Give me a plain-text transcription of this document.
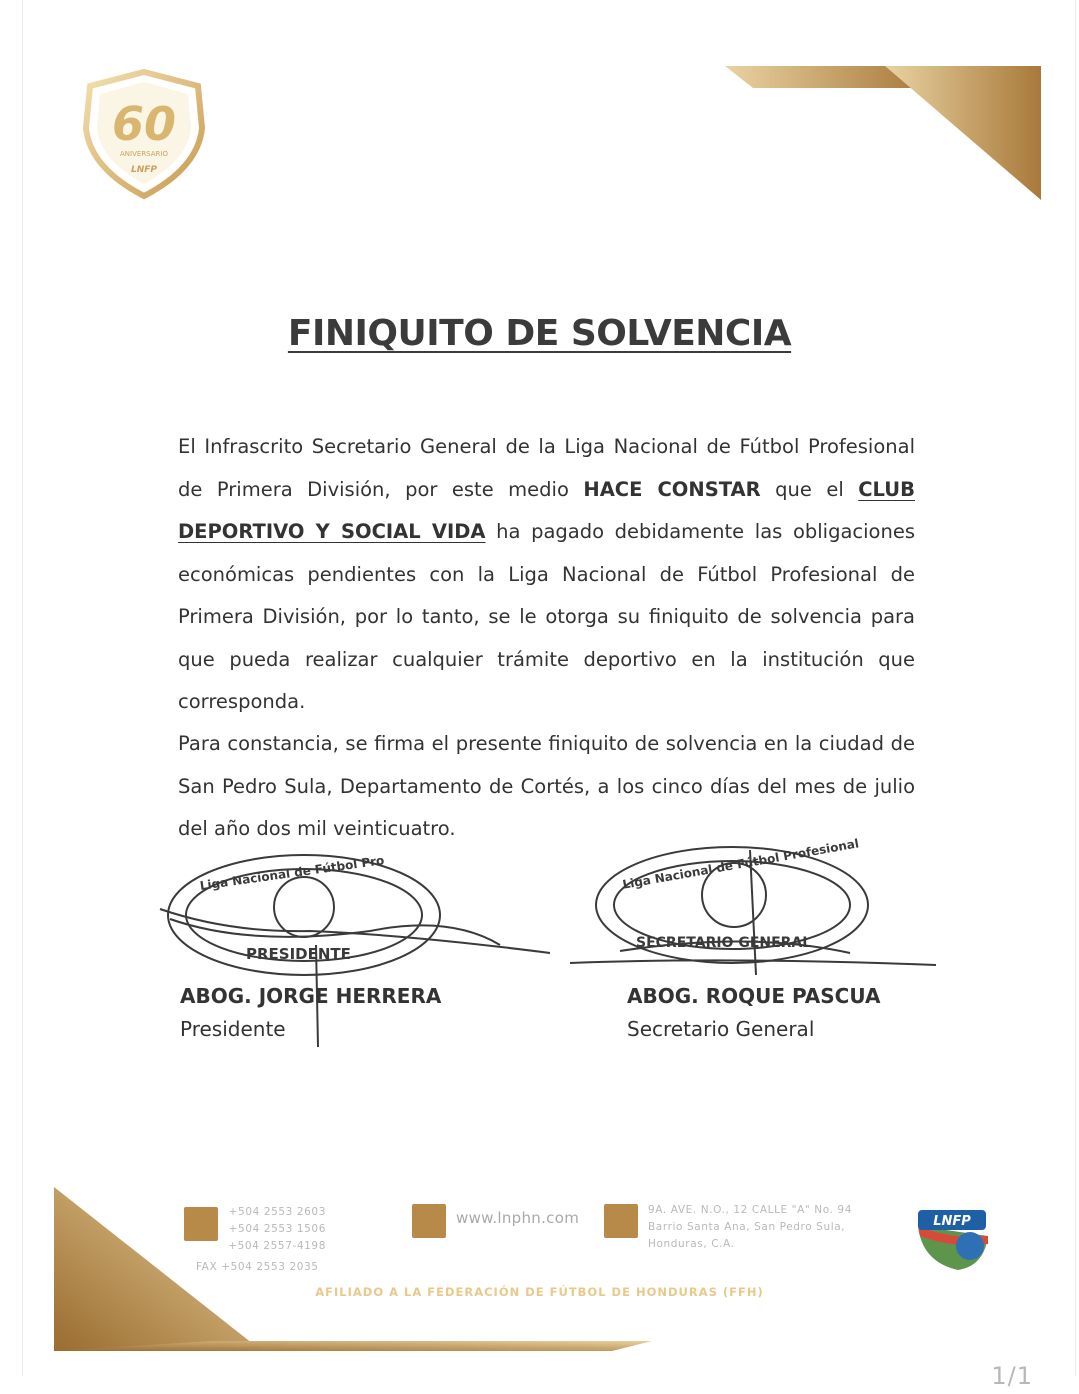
60
ANIVERSARIO
LNFP
FINIQUITO DE SOLVENCIA
El Infrascrito Secretario General de la Liga Nacional de Fútbol Profesional de Primera División, por este medio HACE CONSTAR que el CLUB DEPORTIVO Y SOCIAL VIDA ha pagado debidamente las obligaciones económicas pendientes con la Liga Nacional de Fútbol Profesional de Primera División, por lo tanto, se le otorga su finiquito de solvencia para que pueda realizar cualquier trámite deportivo en la institución que corresponda.
Para constancia, se firma el presente finiquito de solvencia en la ciudad de San Pedro Sula, Departamento de Cortés, a los cinco días del mes de julio del año dos mil veinticuatro.
Liga Nacional de Fútbol Pro
PRESIDENTE
Liga Nacional de Fútbol Profesional
SECRETARIO GENERAL
ABOG. JORGE HERRERA
Presidente
ABOG. ROQUE PASCUA
Secretario General
+504 2553 2603
+504 2553 1506
+504 2557-4198
FAX +504 2553 2035
www.lnphn.com	9A. AVE. N.O., 12 CALLE "A" No. 94
Barrio Santa Ana, San Pedro Sula,
Honduras, C.A.
LNFP
AFILIADO A LA FEDERACIÓN DE FÚTBOL DE HONDURAS (FFH)
1/1
